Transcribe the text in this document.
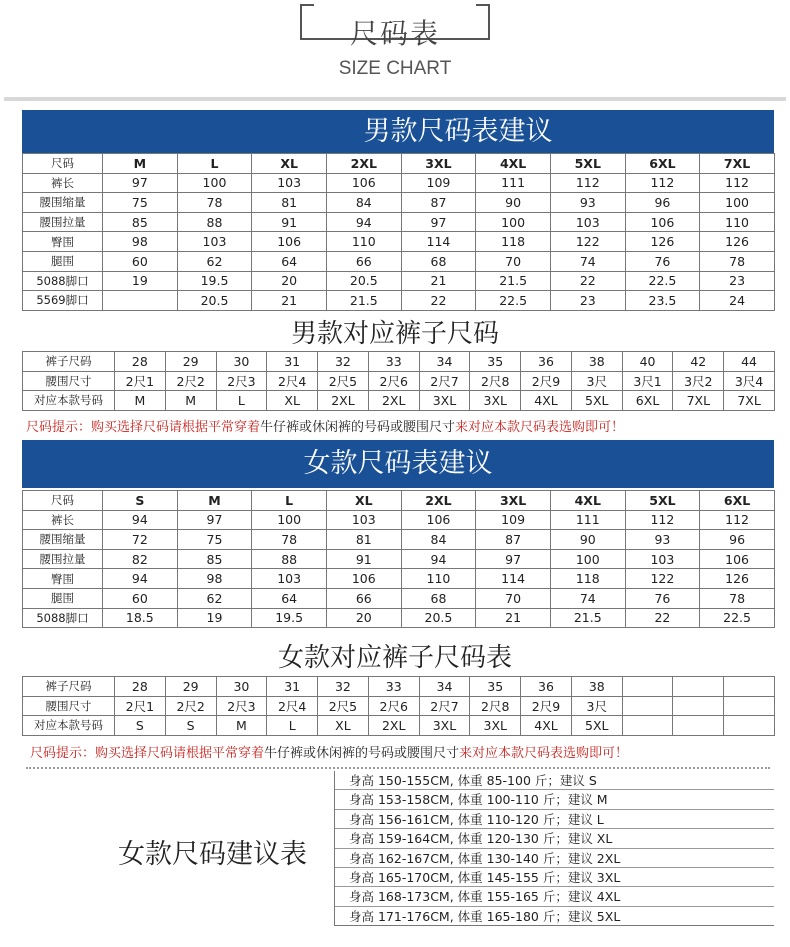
尺码表
SIZE CHART
男款尺码表建议
尺码	M	L	XL	2XL	3XL	4XL	5XL	6XL	7XL
裤长	97	100	103	106	109	111	112	112	112
腰围缩量	75	78	81	84	87	90	93	96	100
腰围拉量	85	88	91	94	97	100	103	106	110
臀围	98	103	106	110	114	118	122	126	126
腿围	60	62	64	66	68	70	74	76	78
5088脚口	19	19.5	20	20.5	21	21.5	22	22.5	23
5569脚口		20.5	21	21.5	22	22.5	23	23.5	24
男款对应裤子尺码
裤子尺码	28	29	30	31	32	33	34	35	36	38	40	42	44
腰围尺寸	2尺1	2尺2	2尺3	2尺4	2尺5	2尺6	2尺7	2尺8	2尺9	3尺	3尺1	3尺2	3尺4
对应本款号码	M	M	L	XL	2XL	2XL	3XL	3XL	4XL	5XL	6XL	7XL	7XL
尺码提示：购买选择尺码请根据平常穿着牛仔裤或休闲裤的号码或腰围尺寸来对应本款尺码表选购即可！
女款尺码表建议
尺码	S	M	L	XL	2XL	3XL	4XL	5XL	6XL
裤长	94	97	100	103	106	109	111	112	112
腰围缩量	72	75	78	81	84	87	90	93	96
腰围拉量	82	85	88	91	94	97	100	103	106
臀围	94	98	103	106	110	114	118	122	126
腿围	60	62	64	66	68	70	74	76	78
5088脚口	18.5	19	19.5	20	20.5	21	21.5	22	22.5
女款对应裤子尺码表
裤子尺码	28	29	30	31	32	33	34	35	36	38			
腰围尺寸	2尺1	2尺2	2尺3	2尺4	2尺5	2尺6	2尺7	2尺8	2尺9	3尺			
对应本款号码	S	S	M	L	XL	2XL	3XL	3XL	4XL	5XL			
尺码提示：购买选择尺码请根据平常穿着牛仔裤或休闲裤的号码或腰围尺寸来对应本款尺码表选购即可！
女款尺码建议表
身高 150-155CM, 体重 85-100 斤；建议 S
身高 153-158CM, 体重 100-110 斤；建议 M
身高 156-161CM, 体重 110-120 斤；建议 L
身高 159-164CM, 体重 120-130 斤；建议 XL
身高 162-167CM, 体重 130-140 斤；建议 2XL
身高 165-170CM, 体重 145-155 斤；建议 3XL
身高 168-173CM, 体重 155-165 斤；建议 4XL
身高 171-176CM, 体重 165-180 斤；建议 5XL
